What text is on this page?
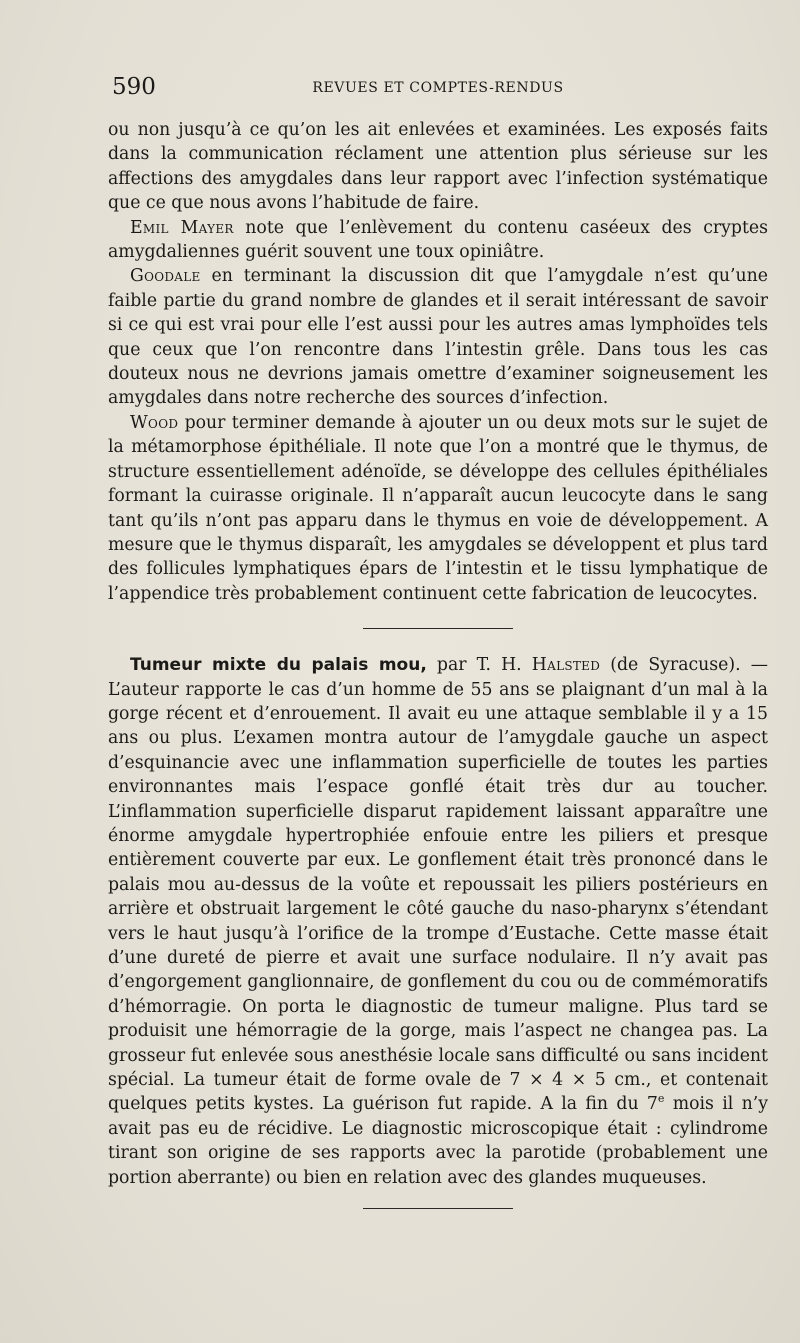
590	REVUES ET COMPTES-RENDUS

ou non jusqu’à ce qu’on les ait enlevées et examinées. Les exposés faits dans la communication réclament une attention plus sérieuse sur les affections des amygdales dans leur rapport avec l’infection systématique que ce que nous avons l’habitude de faire.

Emil Mayer note que l’enlèvement du contenu caséeux des cryptes amygdaliennes guérit souvent une toux opiniâtre.

Goodale en terminant la discussion dit que l’amygdale n’est qu’une faible partie du grand nombre de glandes et il serait intéressant de savoir si ce qui est vrai pour elle l’est aussi pour les autres amas lymphoïdes tels que ceux que l’on rencontre dans l’intestin grêle. Dans tous les cas douteux nous ne devrions jamais omettre d’examiner soigneusement les amygdales dans notre recherche des sources d’infection.

Wood pour terminer demande à ajouter un ou deux mots sur le sujet de la métamorphose épithéliale. Il note que l’on a montré que le thymus, de structure essentiellement adénoïde, se développe des cellules épithéliales formant la cuirasse originale. Il n’apparaît aucun leucocyte dans le sang tant qu’ils n’ont pas apparu dans le thymus en voie de développement. A mesure que le thymus disparaît, les amygdales se développent et plus tard des follicules lymphatiques épars de l’intestin et le tissu lymphatique de l’appendice très probablement continuent cette fabrication de leucocytes.

Tumeur mixte du palais mou, par T. H. Halsted (de Syracuse). — L’auteur rapporte le cas d’un homme de 55 ans se plaignant d’un mal à la gorge récent et d’enrouement. Il avait eu une attaque semblable il y a 15 ans ou plus. L’examen montra autour de l’amygdale gauche un aspect d’esquinancie avec une inflammation superficielle de toutes les parties environnantes mais l’espace gonflé était très dur au toucher. L’inflammation superficielle disparut rapidement laissant apparaître une énorme amygdale hypertrophiée enfouie entre les piliers et presque entièrement couverte par eux. Le gonflement était très prononcé dans le palais mou au-dessus de la voûte et repoussait les piliers postérieurs en arrière et obstruait largement le côté gauche du naso-pharynx s’étendant vers le haut jusqu’à l’orifice de la trompe d’Eustache. Cette masse était d’une dureté de pierre et avait une surface nodulaire. Il n’y avait pas d’engorgement ganglionnaire, de gonflement du cou ou de commémoratifs d’hémorragie. On porta le diagnostic de tumeur maligne. Plus tard se produisit une hémorragie de la gorge, mais l’aspect ne changea pas. La grosseur fut enlevée sous anesthésie locale sans difficulté ou sans incident spécial. La tumeur était de forme ovale de 7 × 4 × 5 cm., et contenait quelques petits kystes. La guérison fut rapide. A la fin du 7e mois il n’y avait pas eu de récidive. Le diagnostic microscopique était : cylindrome tirant son origine de ses rapports avec la parotide (probablement une portion aberrante) ou bien en relation avec des glandes muqueuses.
